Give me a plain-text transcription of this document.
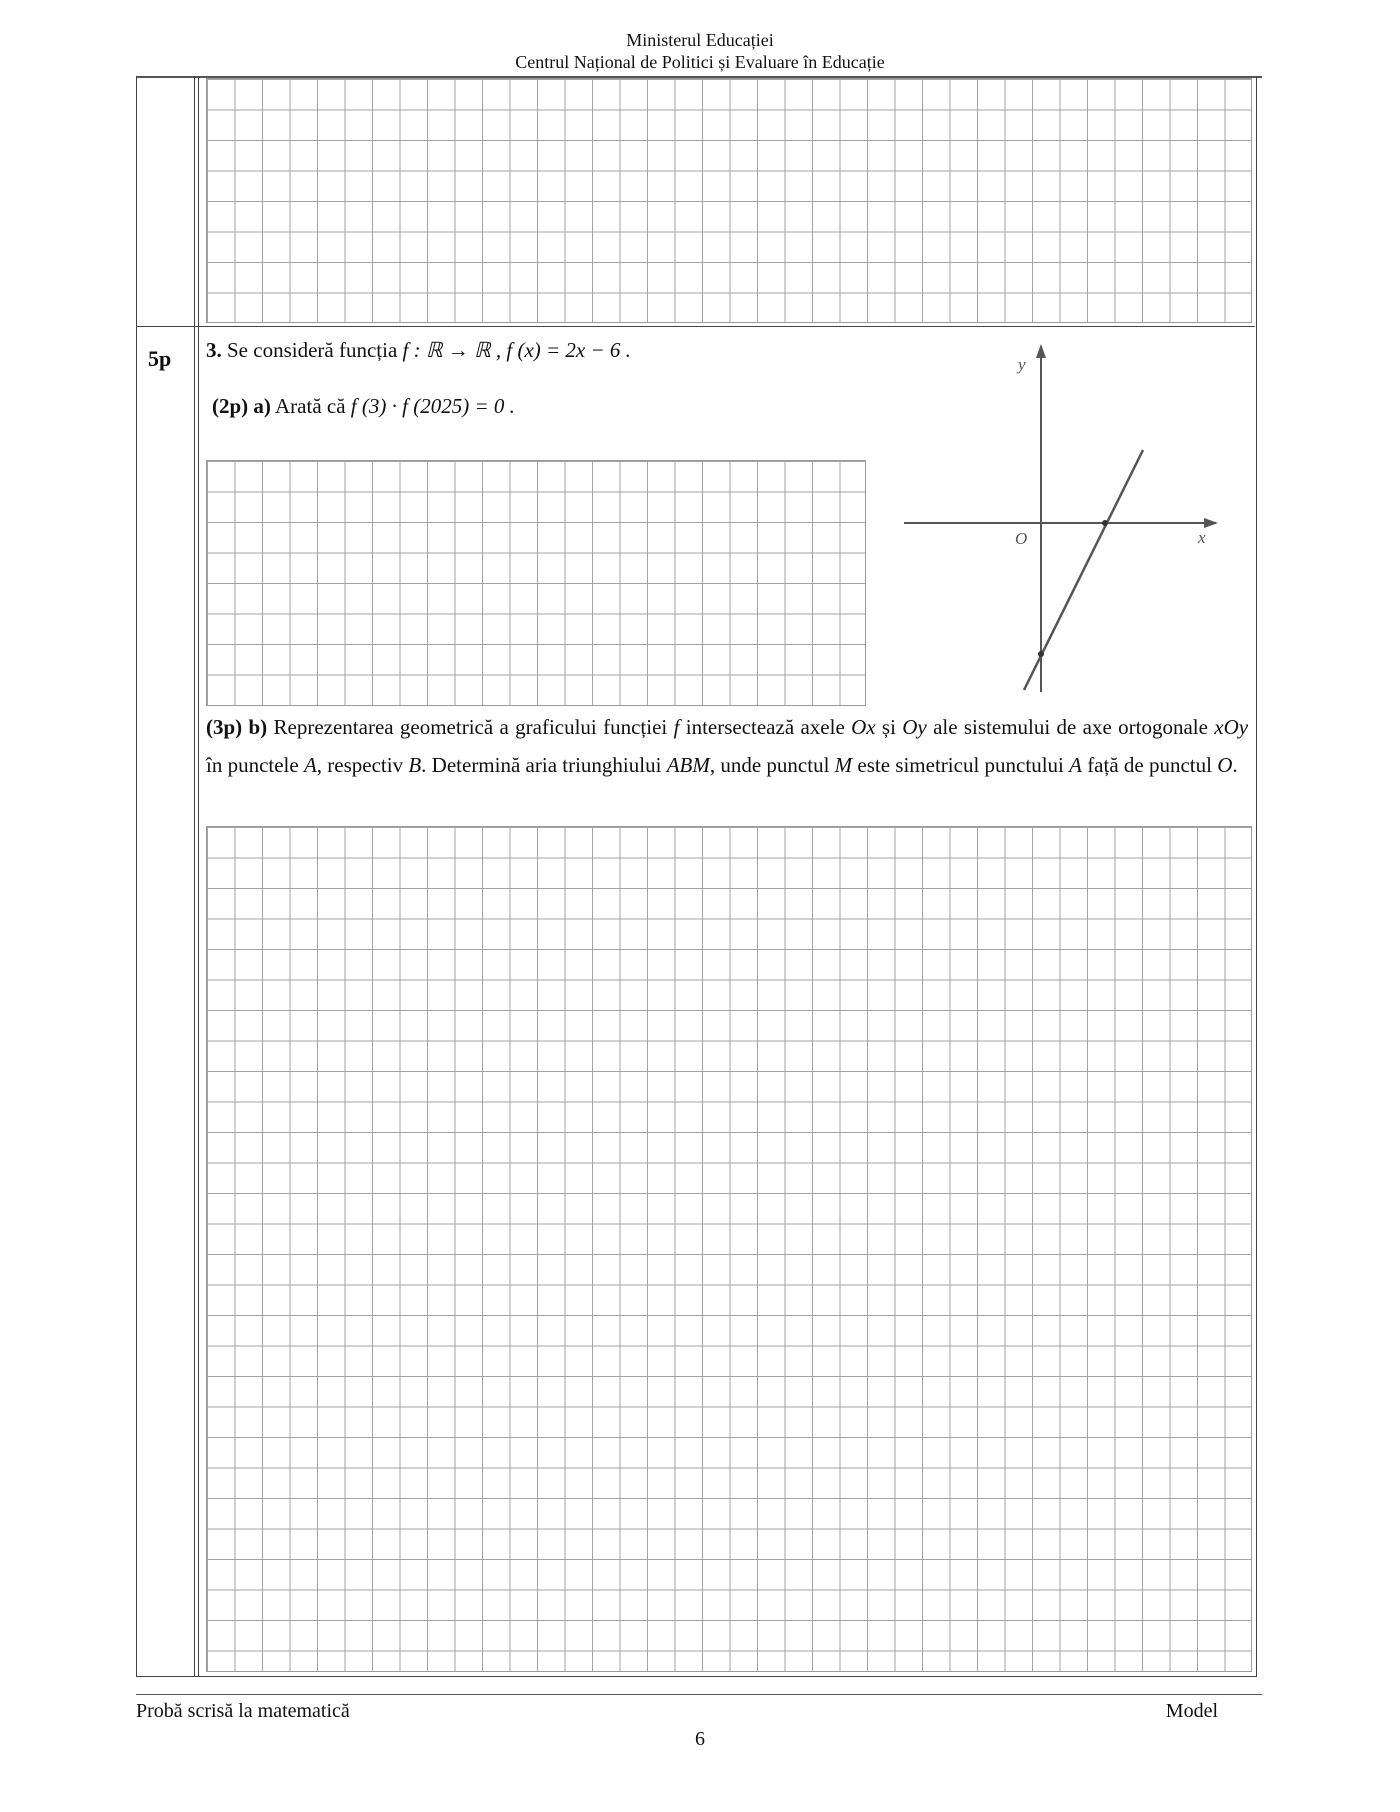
Ministerul Educației
Centrul Național de Politici și Evaluare în Educație
5p 3. Se consideră funcția f : ℝ → ℝ , f (x) = 2x − 6 .
(2p) a) Arată că f (3) · f (2025) = 0 .
y
x
O
(3p) b) Reprezentarea geometrică a graficului funcției f intersectează axele Ox și Oy ale sistemului de axe ortogonale xOy în punctele A, respectiv B. Determină aria triunghiului ABM, unde punctul M este simetricul punctului A față de punctul O.
Probă scrisă la matematică	Model
6
